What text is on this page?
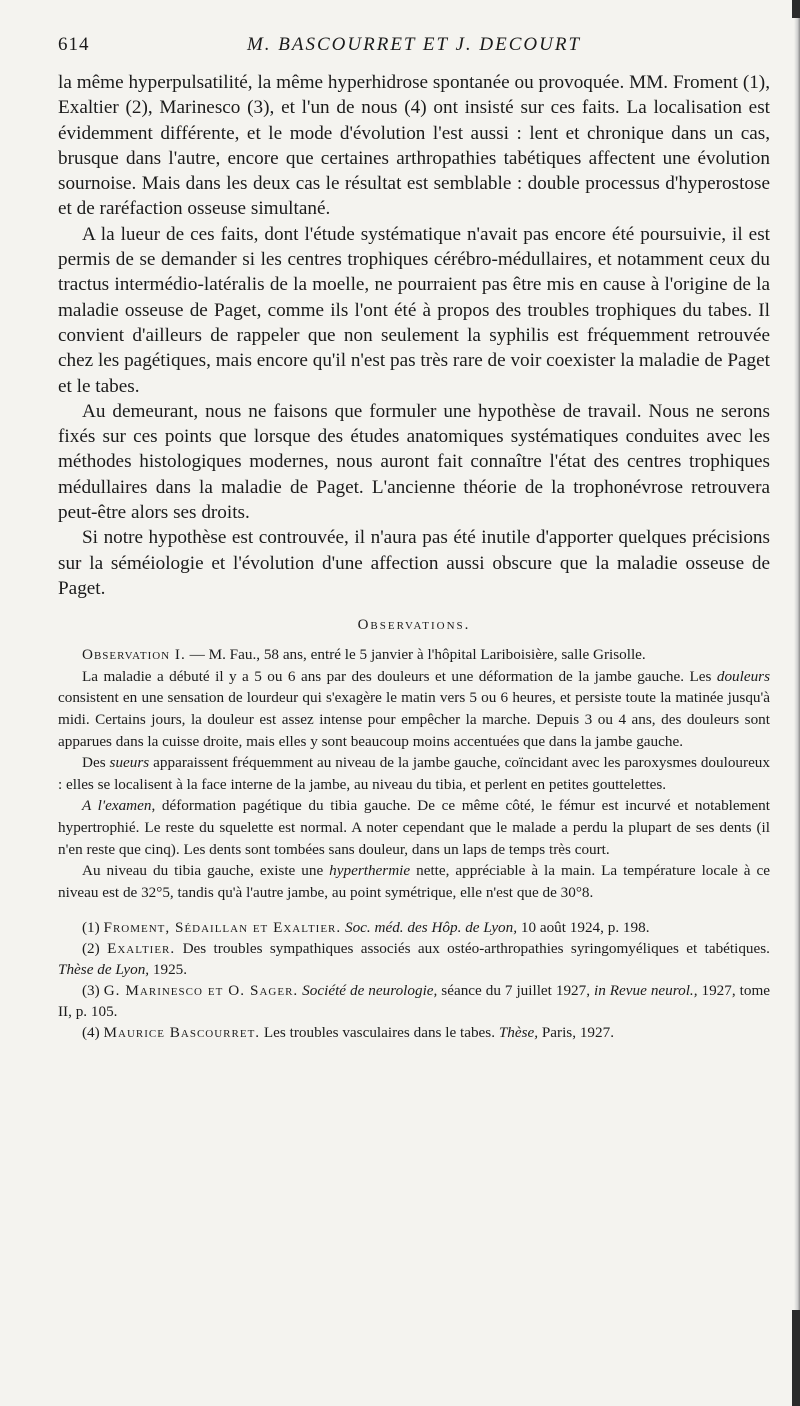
614	M. BASCOURRET ET J. DECOURT

la même hyperpulsatilité, la même hyperhidrose spontanée ou provoquée. MM. Froment (1), Exaltier (2), Marinesco (3), et l'un de nous (4) ont insisté sur ces faits. La localisation est évidemment différente, et le mode d'évolution l'est aussi : lent et chronique dans un cas, brusque dans l'autre, encore que certaines arthropathies tabétiques affectent une évolution sournoise. Mais dans les deux cas le résultat est semblable : double processus d'hyperostose et de raréfaction osseuse simultané.

A la lueur de ces faits, dont l'étude systématique n'avait pas encore été poursuivie, il est permis de se demander si les centres trophiques cérébro-médullaires, et notamment ceux du tractus intermédio-latéralis de la moelle, ne pourraient pas être mis en cause à l'origine de la maladie osseuse de Paget, comme ils l'ont été à propos des troubles trophiques du tabes. Il convient d'ailleurs de rappeler que non seulement la syphilis est fréquemment retrouvée chez les pagétiques, mais encore qu'il n'est pas très rare de voir coexister la maladie de Paget et le tabes.

Au demeurant, nous ne faisons que formuler une hypothèse de travail. Nous ne serons fixés sur ces points que lorsque des études anatomiques systématiques conduites avec les méthodes histologiques modernes, nous auront fait connaître l'état des centres trophiques médullaires dans la maladie de Paget. L'ancienne théorie de la trophonévrose retrouvera peut-être alors ses droits.

Si notre hypothèse est controuvée, il n'aura pas été inutile d'apporter quelques précisions sur la séméiologie et l'évolution d'une affection aussi obscure que la maladie osseuse de Paget.

Observations.

Observation I. — M. Fau., 58 ans, entré le 5 janvier à l'hôpital Lariboisière, salle Grisolle.

La maladie a débuté il y a 5 ou 6 ans par des douleurs et une déformation de la jambe gauche. Les douleurs consistent en une sensation de lourdeur qui s'exagère le matin vers 5 ou 6 heures, et persiste toute la matinée jusqu'à midi. Certains jours, la douleur est assez intense pour empêcher la marche. Depuis 3 ou 4 ans, des douleurs sont apparues dans la cuisse droite, mais elles y sont beaucoup moins accentuées que dans la jambe gauche.

Des sueurs apparaissent fréquemment au niveau de la jambe gauche, coïncidant avec les paroxysmes douloureux : elles se localisent à la face interne de la jambe, au niveau du tibia, et perlent en petites gouttelettes.

A l'examen, déformation pagétique du tibia gauche. De ce même côté, le fémur est incurvé et notablement hypertrophié. Le reste du squelette est normal. A noter cependant que le malade a perdu la plupart de ses dents (il n'en reste que cinq). Les dents sont tombées sans douleur, dans un laps de temps très court.

Au niveau du tibia gauche, existe une hyperthermie nette, appréciable à la main. La température locale à ce niveau est de 32°5, tandis qu'à l'autre jambe, au point symétrique, elle n'est que de 30°8.

(1) Froment, Sédaillan et Exaltier. Soc. méd. des Hôp. de Lyon, 10 août 1924, p. 198.

(2) Exaltier. Des troubles sympathiques associés aux ostéo-arthropathies syringomyéliques et tabétiques. Thèse de Lyon, 1925.

(3) G. Marinesco et O. Sager. Société de neurologie, séance du 7 juillet 1927, in Revue neurol., 1927, tome II, p. 105.

(4) Maurice Bascourret. Les troubles vasculaires dans le tabes. Thèse, Paris, 1927.
